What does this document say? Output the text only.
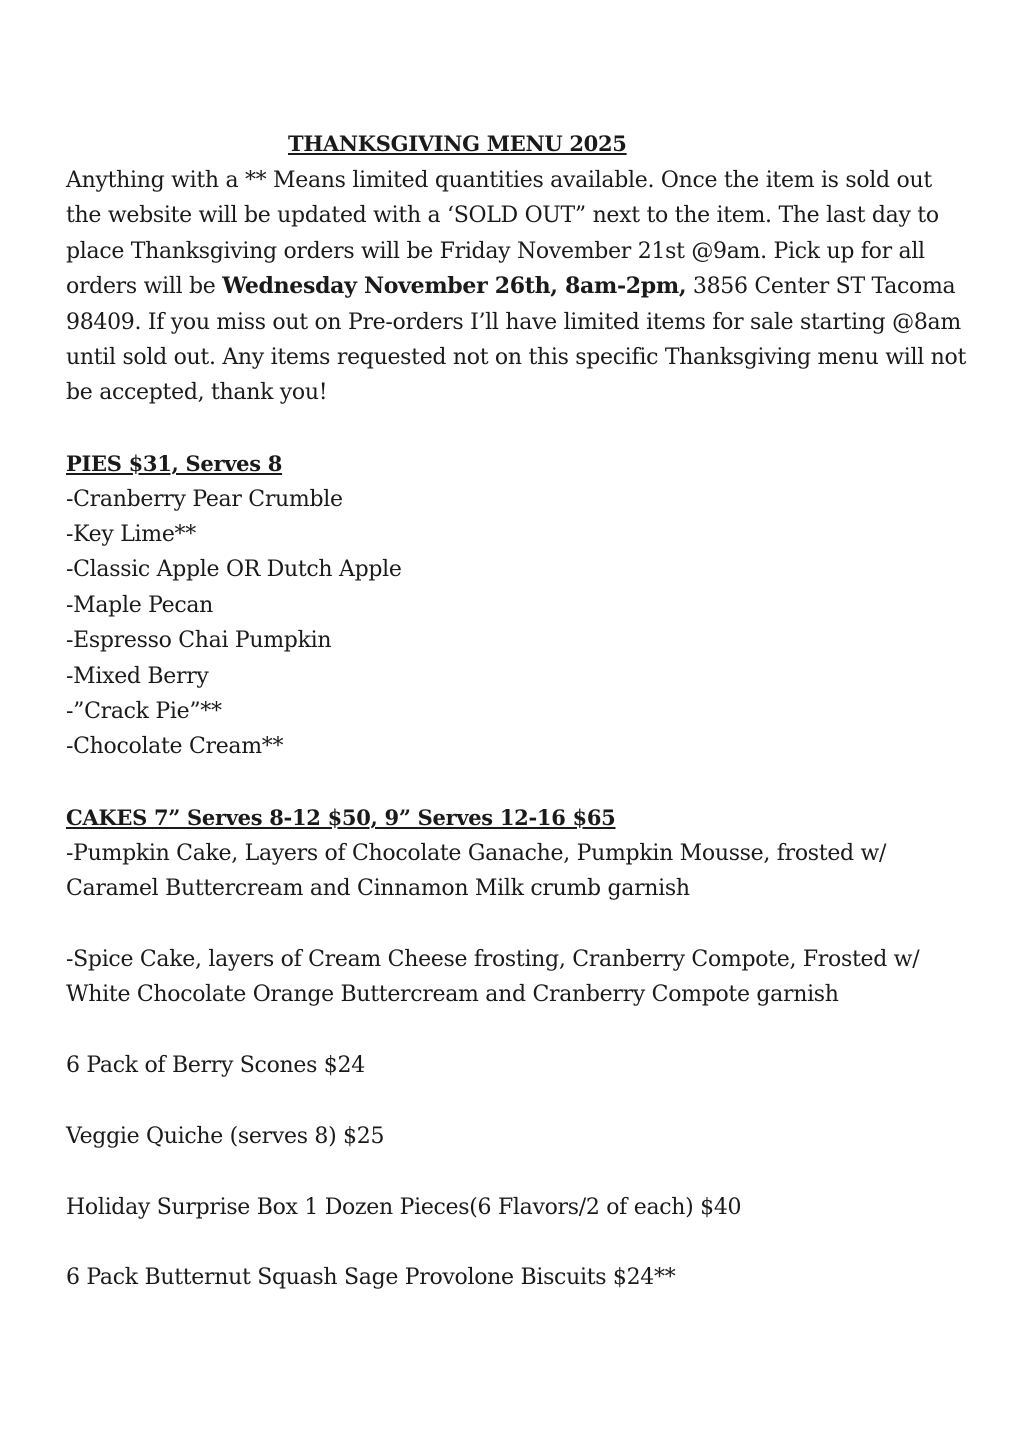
THANKSGIVING MENU 2025

Anything with a ** Means limited quantities available. Once the item is sold out the website will be updated with a ‘SOLD OUT” next to the item. The last day to place Thanksgiving orders will be Friday November 21st @9am. Pick up for all orders will be Wednesday November 26th, 8am-2pm, 3856 Center ST Tacoma 98409. If you miss out on Pre-orders I’ll have limited items for sale starting @8am until sold out. Any items requested not on this specific Thanksgiving menu will not be accepted, thank you!

PIES $31, Serves 8
-Cranberry Pear Crumble
-Key Lime**
-Classic Apple OR Dutch Apple
-Maple Pecan
-Espresso Chai Pumpkin
-Mixed Berry
-”Crack Pie”**
-Chocolate Cream**
CAKES 7” Serves 8-12 $50, 9” Serves 12-16 $65

-Pumpkin Cake, Layers of Chocolate Ganache, Pumpkin Mousse, frosted w/ Caramel Buttercream and Cinnamon Milk crumb garnish

-Spice Cake, layers of Cream Cheese frosting, Cranberry Compote, Frosted w/ White Chocolate Orange Buttercream and Cranberry Compote garnish

6 Pack of Berry Scones $24
Veggie Quiche (serves 8) $25
Holiday Surprise Box 1 Dozen Pieces(6 Flavors/2 of each) $40
6 Pack Butternut Squash Sage Provolone Biscuits $24**
